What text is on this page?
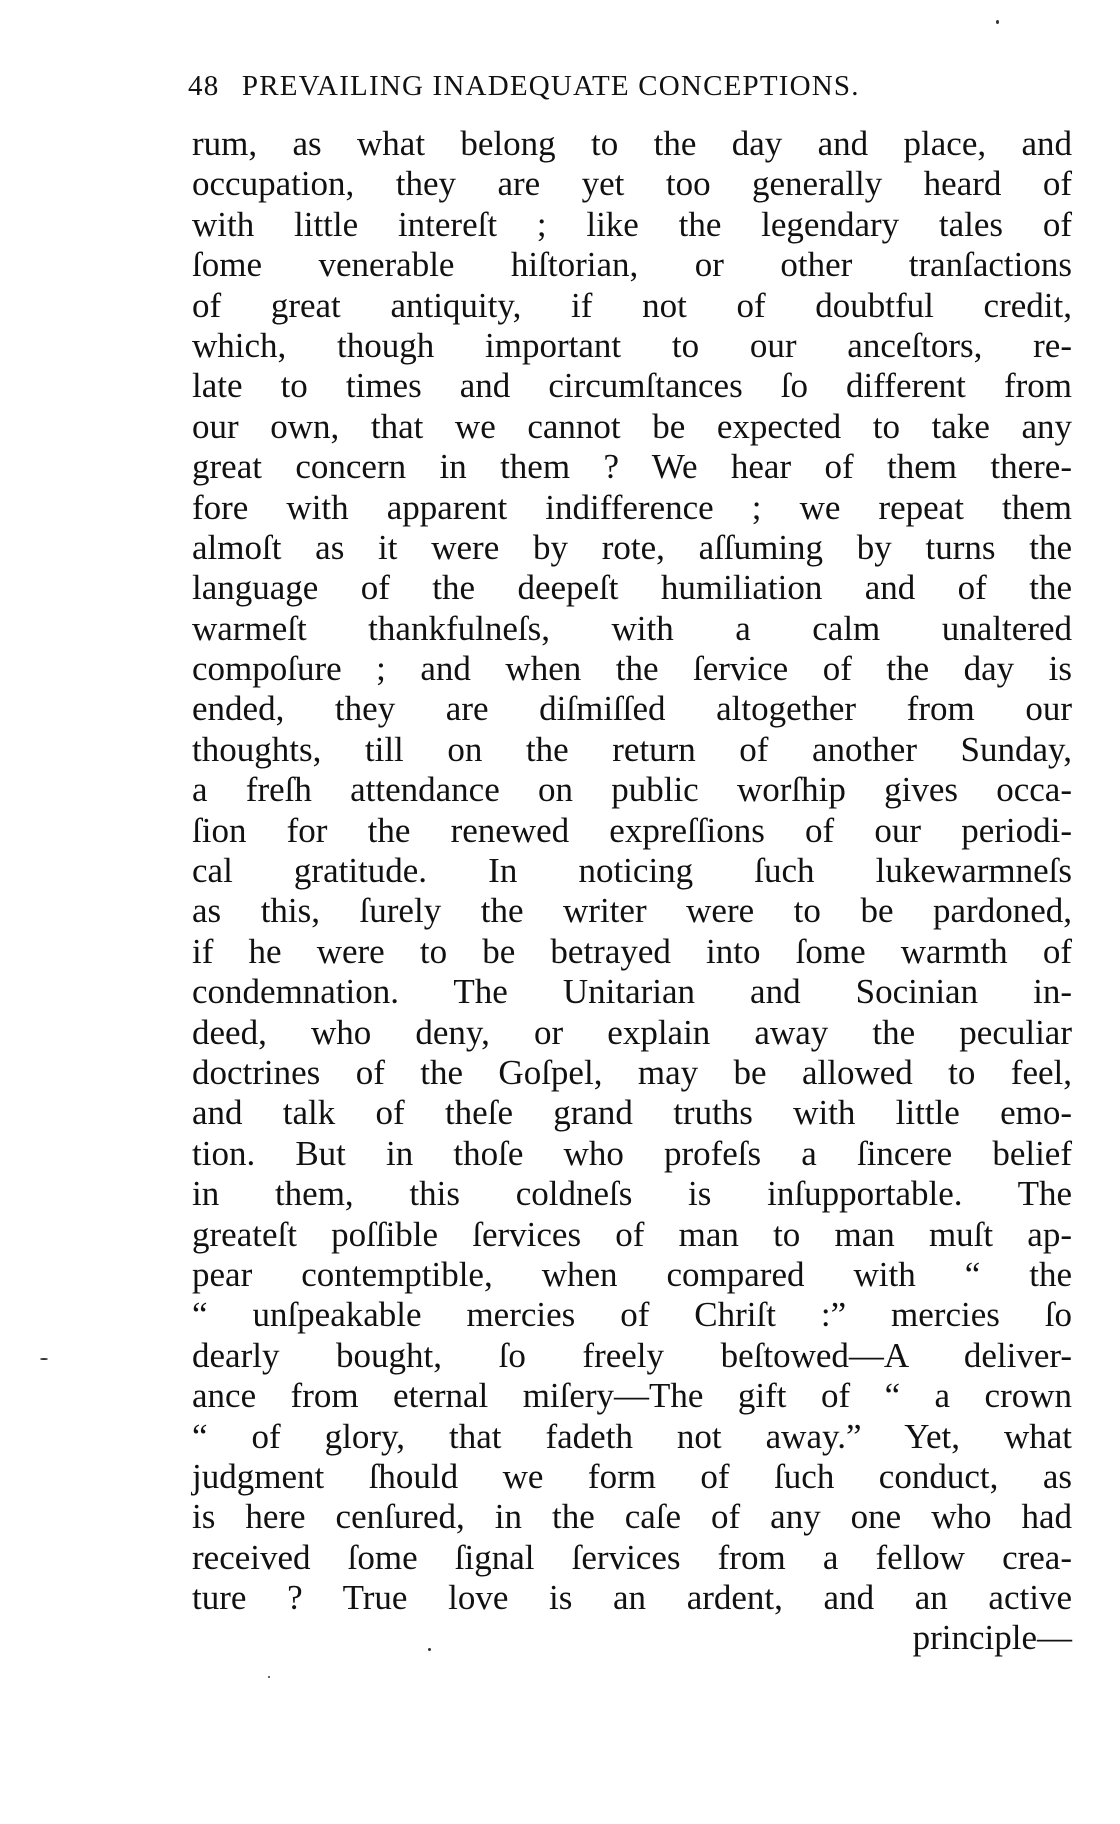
48 PREVAILING INADEQUATE CONCEPTIONS.
rum, as what belong to the day and place, and
occupation, they are yet too generally heard of
with little intereſt ; like the legendary tales of
ſome venerable hiſtorian, or other tranſactions
of great antiquity, if not of doubtful credit,
which, though important to our anceſtors, re-
late to times and circumſtances ſo different from
our own, that we cannot be expected to take any
great concern in them ? We hear of them there-
fore with apparent indifference ; we repeat them
almoſt as it were by rote, aſſuming by turns the
language of the deepeſt humiliation and of the
warmeſt thankfulneſs, with a calm unaltered
compoſure ; and when the ſervice of the day is
ended, they are diſmiſſed altogether from our
thoughts, till on the return of another Sunday,
a freſh attendance on public worſhip gives occa-
ſion for the renewed expreſſions of our periodi-
cal gratitude. In noticing ſuch lukewarmneſs
as this, ſurely the writer were to be pardoned,
if he were to be betrayed into ſome warmth of
condemnation. The Unitarian and Socinian in-
deed, who deny, or explain away the peculiar
doctrines of the Goſpel, may be allowed to feel,
and talk of theſe grand truths with little emo-
tion. But in thoſe who profeſs a ſincere belief
in them, this coldneſs is inſupportable. The
greateſt poſſible ſervices of man to man muſt ap-
pear contemptible, when compared with “ the
“ unſpeakable mercies of Chriſt :” mercies ſo
dearly bought, ſo freely beſtowed—A deliver-
ance from eternal miſery—The gift of “ a crown
“ of glory, that fadeth not away.” Yet, what
judgment ſhould we form of ſuch conduct, as
is here cenſured, in the caſe of any one who had
received ſome ſignal ſervices from a fellow crea-
ture ? True love is an ardent, and an active
principle—
